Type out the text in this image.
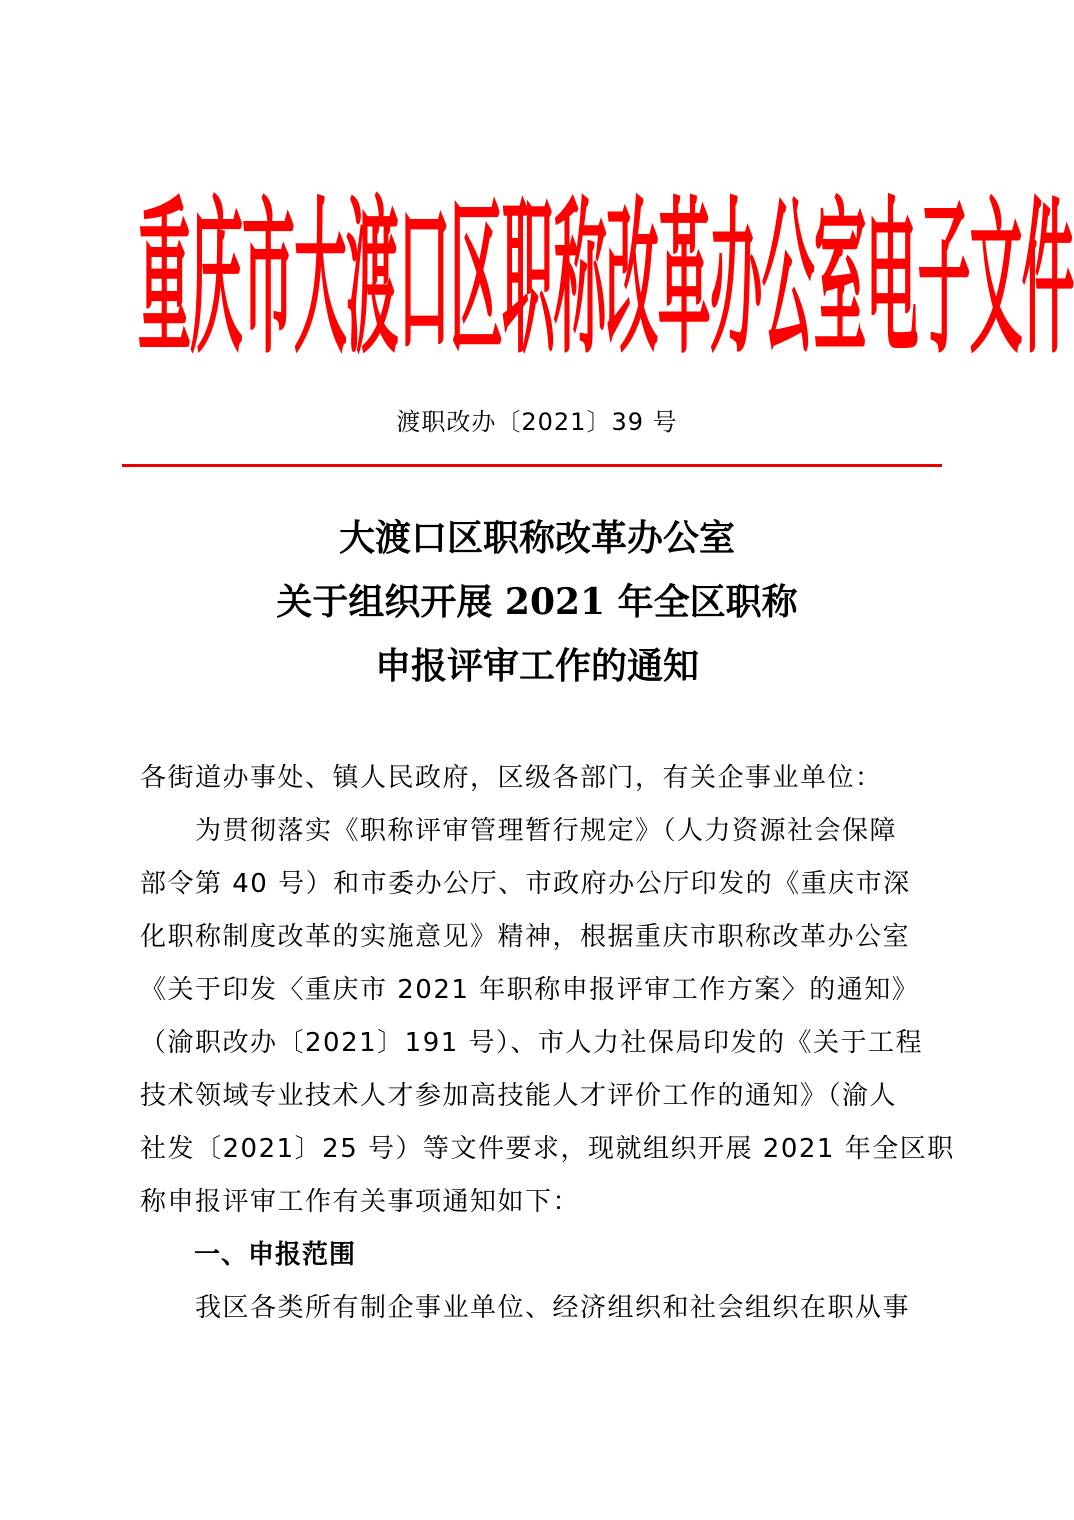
重庆市大渡口区职称改革办公室电子文件
渡职改办〔2021〕39 号
大渡口区职称改革办公室
关于组织开展 2021 年全区职称
申报评审工作的通知
各街道办事处、镇人民政府，区级各部门，有关企事业单位：
　　为贯彻落实《职称评审管理暂行规定》（人力资源社会保障
部令第 40 号）和市委办公厅、市政府办公厅印发的《重庆市深
化职称制度改革的实施意见》精神，根据重庆市职称改革办公室
《关于印发〈重庆市 2021 年职称申报评审工作方案〉的通知》
（渝职改办〔2021〕191 号）、市人力社保局印发的《关于工程
技术领域专业技术人才参加高技能人才评价工作的通知》（渝人
社发〔2021〕25 号）等文件要求，现就组织开展 2021 年全区职
称申报评审工作有关事项通知如下：
　　一、申报范围
　　我区各类所有制企事业单位、经济组织和社会组织在职从事
